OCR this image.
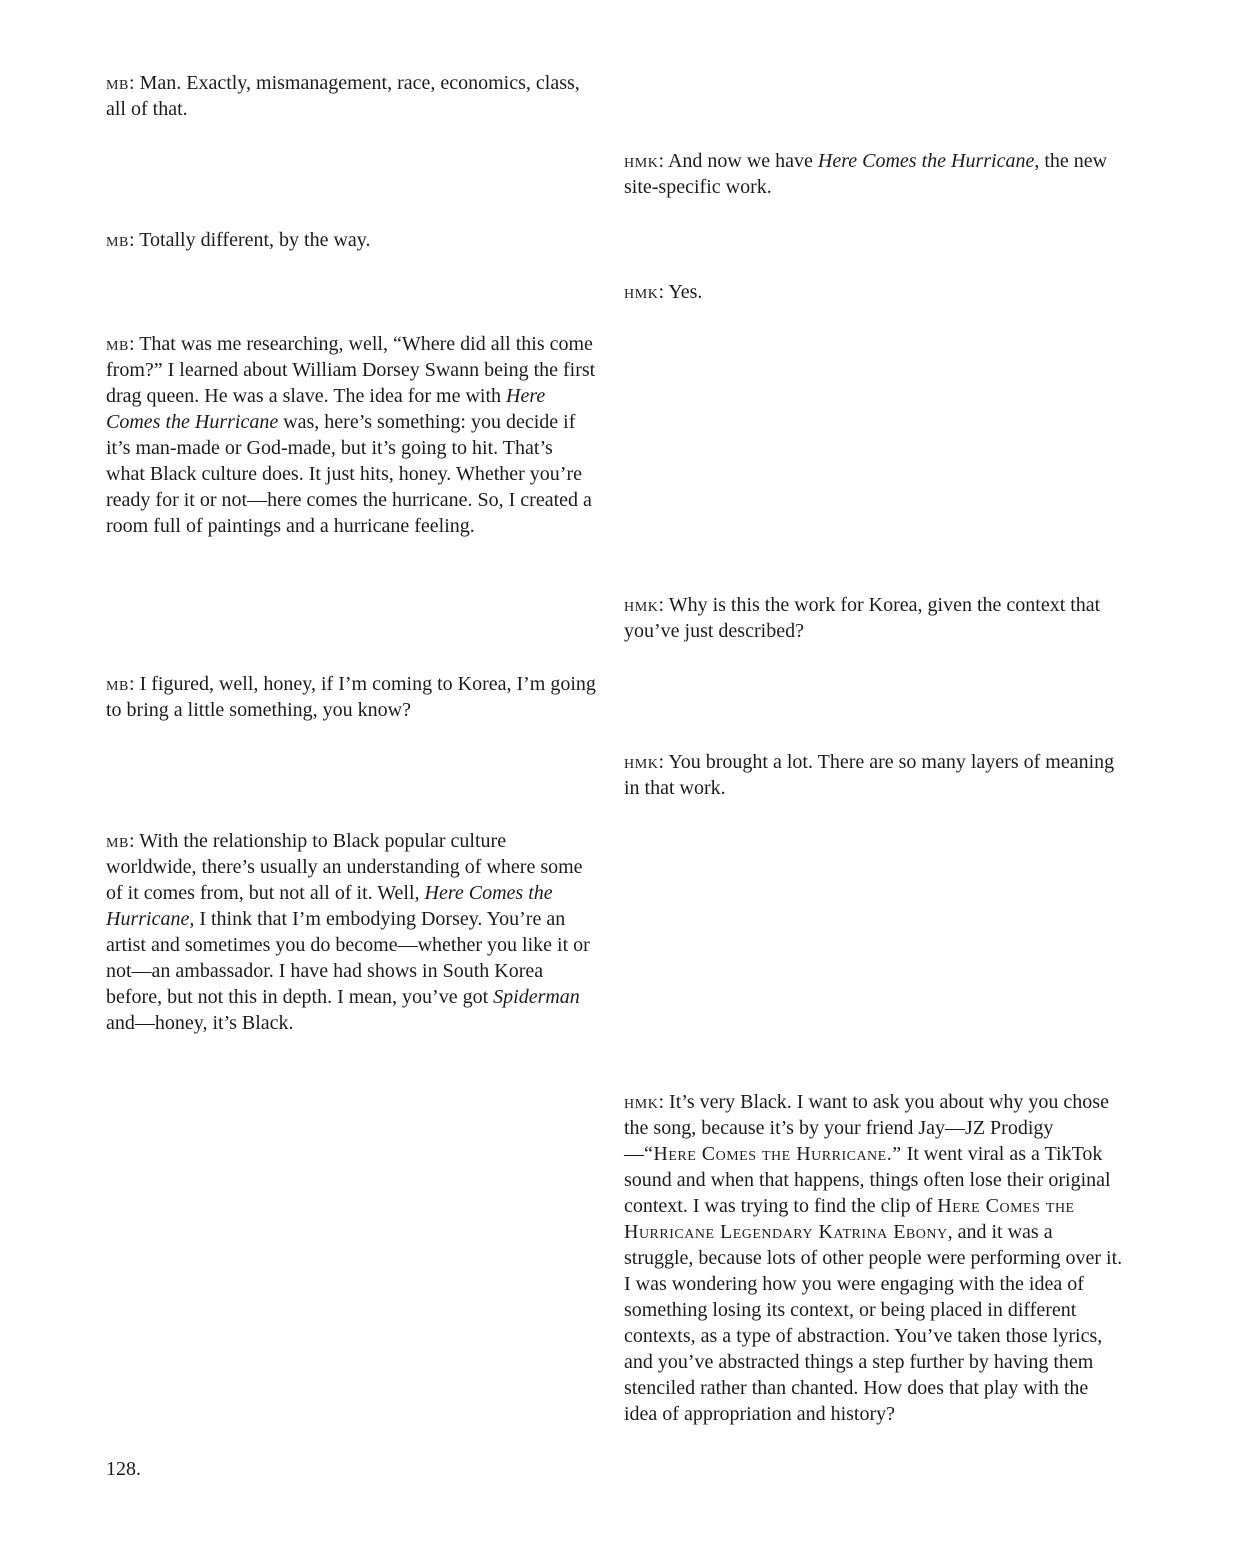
mb: Man. Exactly, mismanagement, race, economics, class, all of that.

hmk: And now we have Here Comes the Hurricane, the new site-specific work.

mb: Totally different, by the way.

hmk: Yes.

mb: That was me researching, well, “Where did all this come from?” I learned about William Dorsey Swann being the first drag queen. He was a slave. The idea for me with Here Comes the Hurricane was, here’s something: you decide if it’s man-made or God-made, but it’s going to hit. That’s what Black culture does. It just hits, honey. Whether you’re ready for it or not—here comes the hurricane. So, I created a room full of paintings and a hurricane feeling.

hmk: Why is this the work for Korea, given the context that you’ve just described?

mb: I figured, well, honey, if I’m coming to Korea, I’m going to bring a little something, you know?

hmk: You brought a lot. There are so many layers of meaning in that work.

mb: With the relationship to Black popular culture worldwide, there’s usually an understanding of where some of it comes from, but not all of it. Well, Here Comes the Hurricane, I think that I’m embodying Dorsey. You’re an artist and sometimes you do become—whether you like it or not—an ambassador. I have had shows in South Korea before, but not this in depth. I mean, you’ve got Spiderman and—honey, it’s Black.

hmk: It’s very Black. I want to ask you about why you chose the song, because it’s by your friend Jay—JZ Prodigy—“Here Comes the Hurricane.” It went viral as a TikTok sound and when that happens, things often lose their original context. I was trying to find the clip of Here Comes the Hurricane Legendary Katrina Ebony, and it was a struggle, because lots of other people were performing over it. I was wondering how you were engaging with the idea of something losing its context, or being placed in different contexts, as a type of abstraction. You’ve taken those lyrics, and you’ve abstracted things a step further by having them stenciled rather than chanted. How does that play with the idea of appropriation and history?

128.
